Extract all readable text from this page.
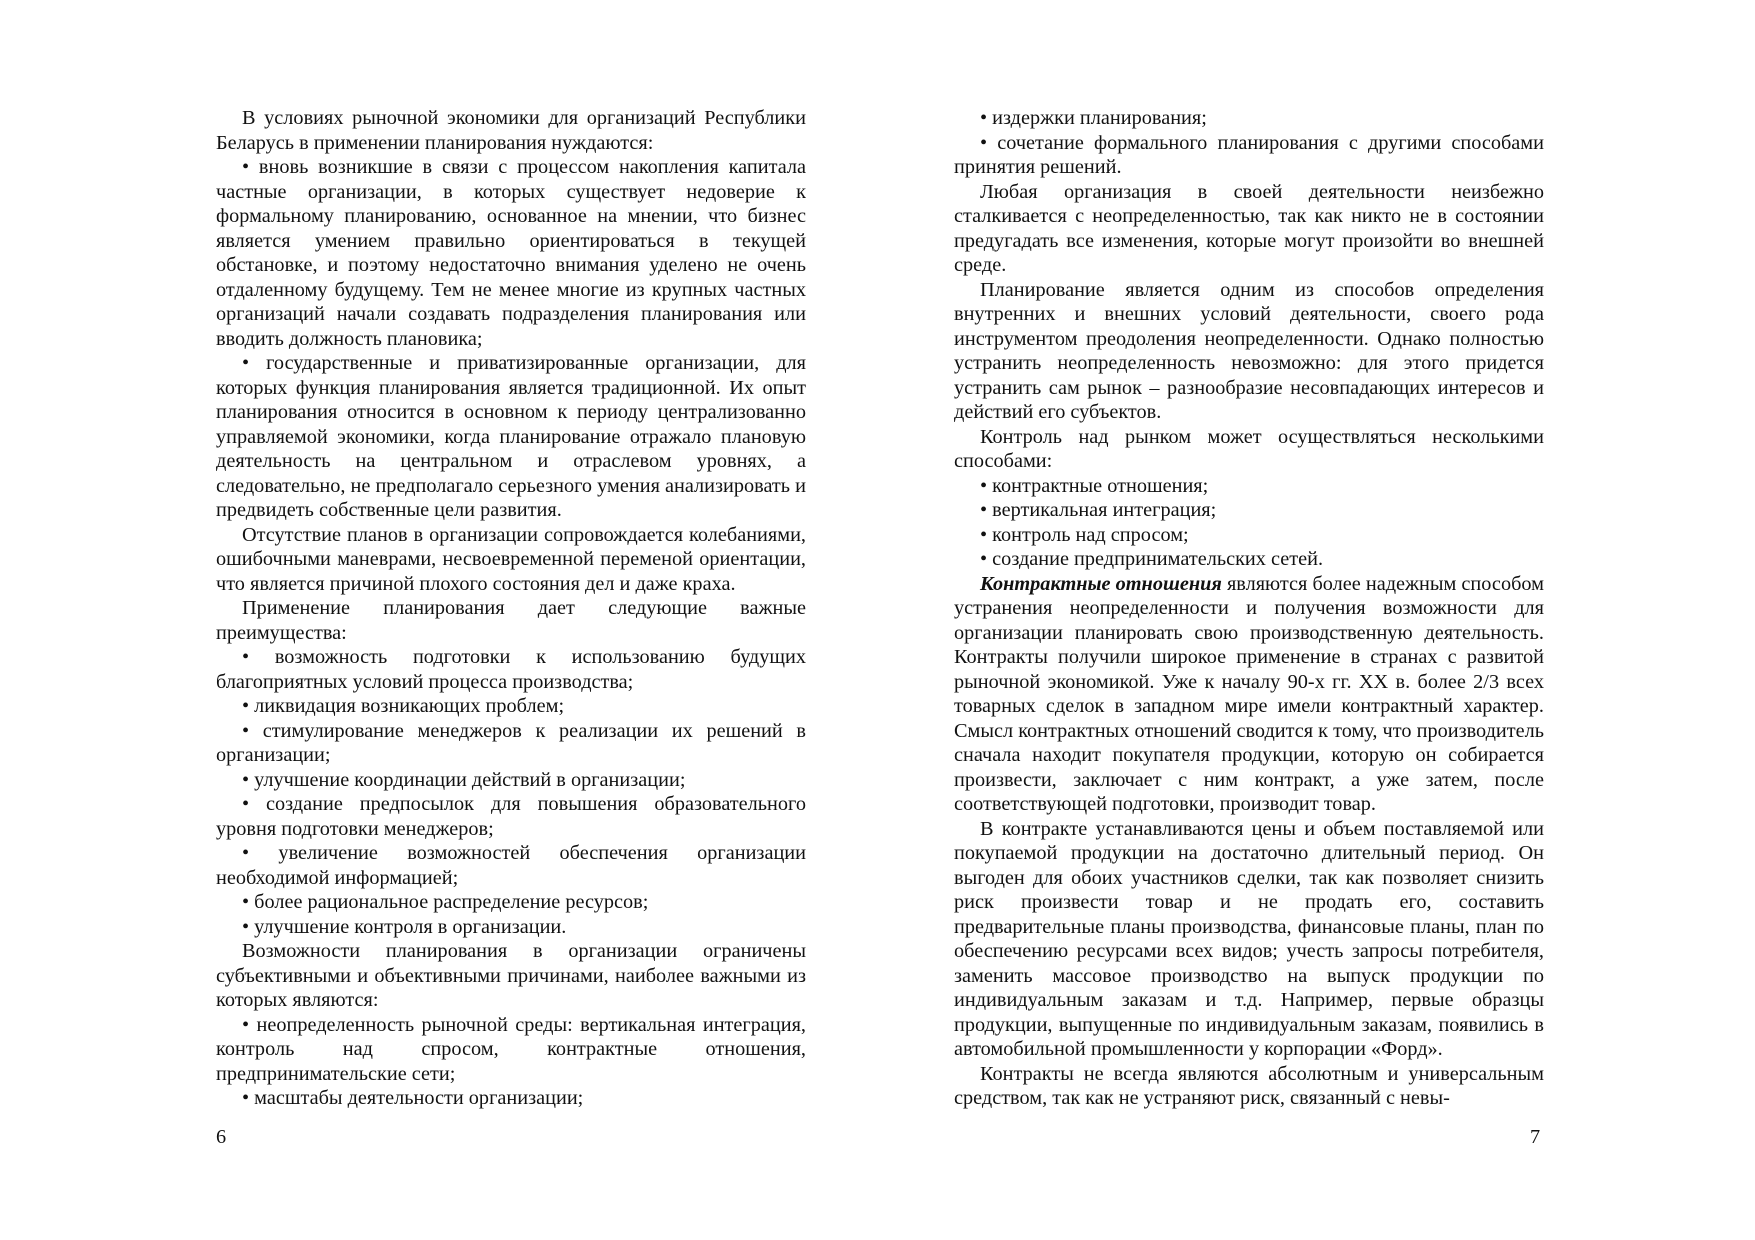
В условиях рыночной экономики для организаций Республики Беларусь в применении планирования нуждаются:

• вновь возникшие в связи с процессом накопления капитала частные организации, в которых существует недоверие к формальному планированию, основанное на мнении, что бизнес является умением правильно ориентироваться в текущей обстановке, и поэтому недостаточно внимания уделено не очень отдаленному будущему. Тем не менее многие из крупных частных организаций начали создавать подразделения планирования или вводить должность плановика;

• государственные и приватизированные организации, для которых функция планирования является традиционной. Их опыт планирования относится в основном к периоду централизованно управляемой экономики, когда планирование отражало плановую деятельность на центральном и отраслевом уровнях, а следовательно, не предполагало серьезного умения анализировать и предвидеть собственные цели развития.

Отсутствие планов в организации сопровождается колебаниями, ошибочными маневрами, несвоевременной переменой ориентации, что является причиной плохого состояния дел и даже краха.

Применение планирования дает следующие важные преимущества:

• возможность подготовки к использованию будущих благоприятных условий процесса производства;

• ликвидация возникающих проблем;

• стимулирование менеджеров к реализации их решений в организации;

• улучшение координации действий в организации;

• создание предпосылок для повышения образовательного уровня подготовки менеджеров;

• увеличение возможностей обеспечения организации необходимой информацией;

• более рациональное распределение ресурсов;

• улучшение контроля в организации.

Возможности планирования в организации ограничены субъективными и объективными причинами, наиболее важными из которых являются:

• неопределенность рыночной среды: вертикальная интеграция, контроль над спросом, контрактные отношения, предпринимательские сети;

• масштабы деятельности организации;

• издержки планирования;

• сочетание формального планирования с другими способами принятия решений.

Любая организация в своей деятельности неизбежно сталкивается с неопределенностью, так как никто не в состоянии предугадать все изменения, которые могут произойти во внешней среде.

Планирование является одним из способов определения внутренних и внешних условий деятельности, своего рода инструментом преодоления неопределенности. Однако полностью устранить неопределенность невозможно: для этого придется устранить сам рынок – разнообразие несовпадающих интересов и действий его субъектов.

Контроль над рынком может осуществляться несколькими способами:

• контрактные отношения;

• вертикальная интеграция;

• контроль над спросом;

• создание предпринимательских сетей.

Контрактные отношения являются более надежным способом устранения неопределенности и получения возможности для организации планировать свою производственную деятельность. Контракты получили широкое применение в странах с развитой рыночной экономикой. Уже к началу 90-х гг. XX в. более 2/3 всех товарных сделок в западном мире имели контрактный характер. Смысл контрактных отношений сводится к тому, что производитель сначала находит покупателя продукции, которую он собирается произвести, заключает с ним контракт, а уже затем, после соответствующей подготовки, производит товар.

В контракте устанавливаются цены и объем поставляемой или покупаемой продукции на достаточно длительный период. Он выгоден для обоих участников сделки, так как позволяет снизить риск произвести товар и не продать его, составить предварительные планы производства, финансовые планы, план по обеспечению ресурсами всех видов; учесть запросы потребителя, заменить массовое производство на выпуск продукции по индивидуальным заказам и т.д. Например, первые образцы продукции, выпущенные по индивидуальным заказам, появились в автомобильной промышленности у корпорации «Форд».

Контракты не всегда являются абсолютным и универсальным средством, так как не устраняют риск, связанный с невы-

6	7
